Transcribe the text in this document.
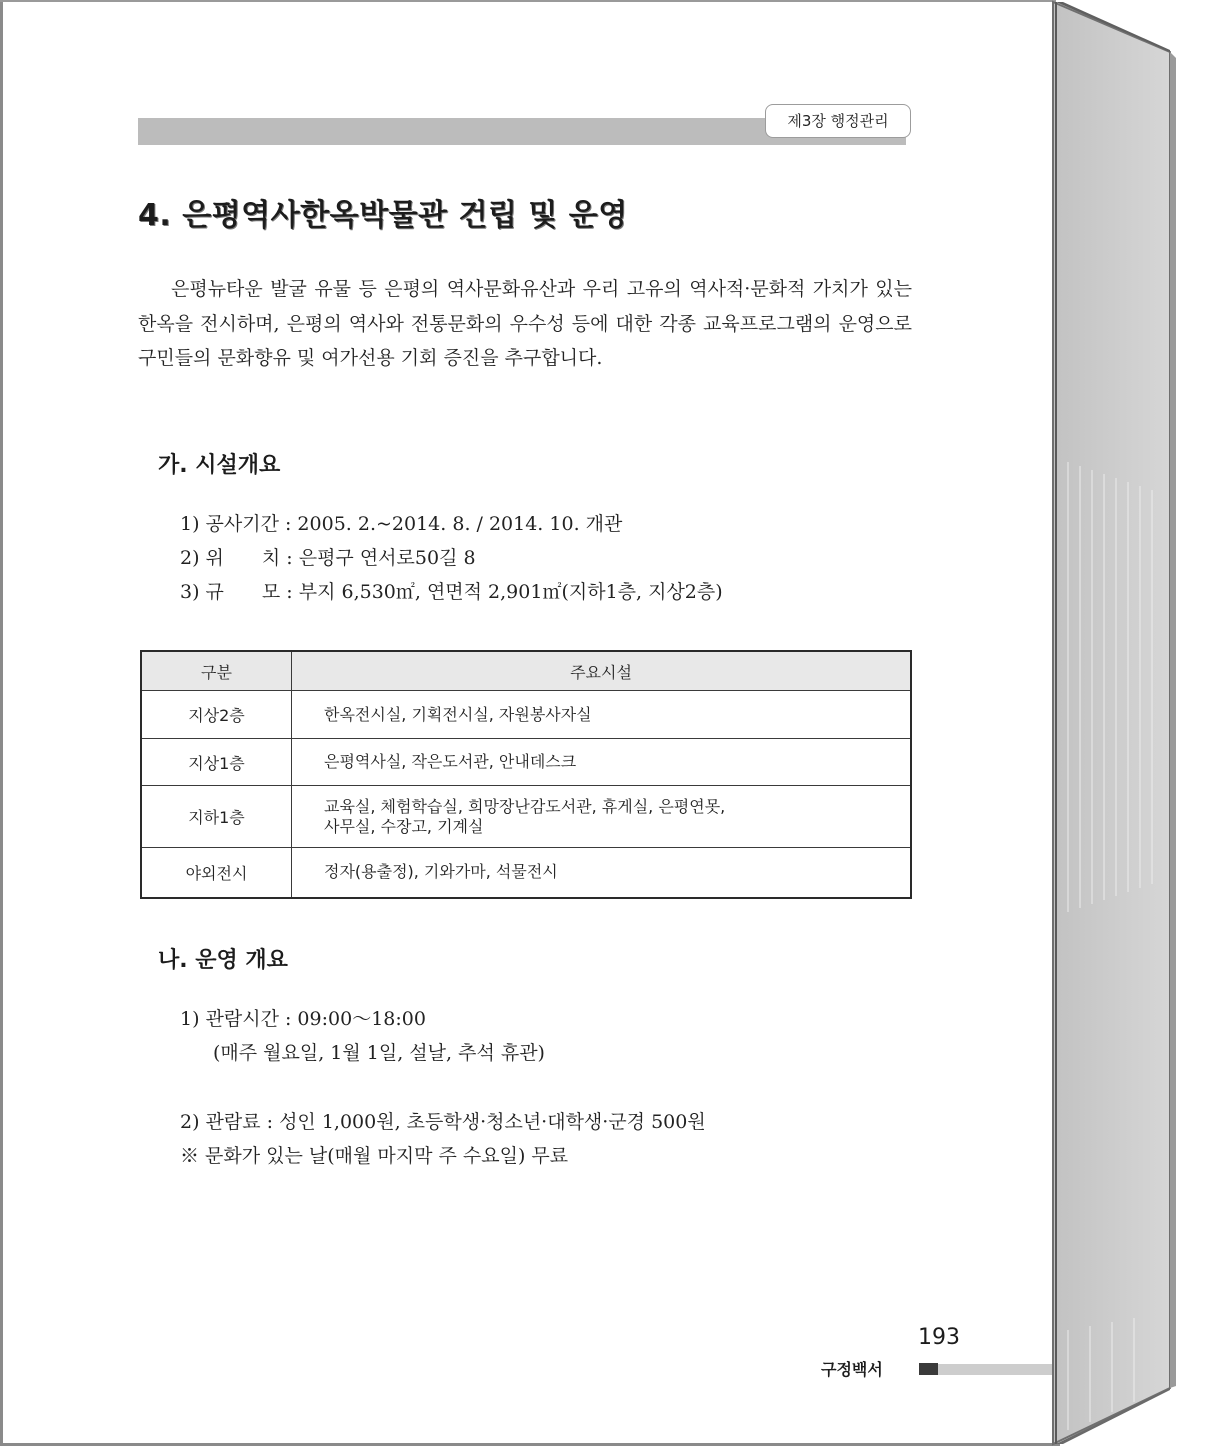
제3장 행정관리
4. 은평역사한옥박물관 건립 및 운영

은평뉴타운 발굴 유물 등 은평의 역사문화유산과 우리 고유의 역사적·문화적 가치가 있는 한옥을 전시하며, 은평의 역사와 전통문화의 우수성 등에 대한 각종 교육프로그램의 운영으로 구민들의 문화향유 및 여가선용 기회 증진을 추구합니다.

가. 시설개요
1) 공사기간 : 2005. 2.~2014. 8. / 2014. 10. 개관
2) 위　　치 : 은평구 연서로50길 8
3) 규　　모 : 부지 6,530㎡, 연면적 2,901㎡(지하1층, 지상2층)
구분	주요시설
지상2층	한옥전시실, 기획전시실, 자원봉사자실
지상1층	은평역사실, 작은도서관, 안내데스크
지하1층	교육실, 체험학습실, 희망장난감도서관, 휴게실, 은평연못,
사무실, 수장고, 기계실

야외전시	정자(용출정), 기와가마, 석물전시
나. 운영 개요
1) 관람시간 : 09:00～18:00
(매주 월요일, 1월 1일, 설날, 추석 휴관)
2) 관람료 : 성인 1,000원, 초등학생·청소년·대학생·군경 500원
※ 문화가 있는 날(매월 마지막 주 수요일) 무료
193
구정백서
